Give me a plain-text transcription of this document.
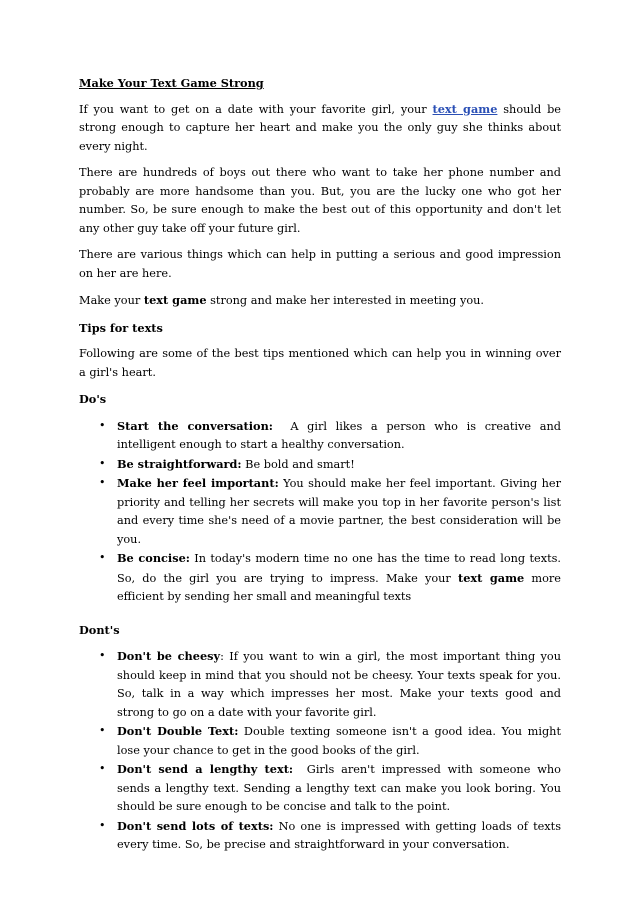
Make Your Text Game Strong

If you want to get on a date with your favorite girl, your text game should be strong enough to capture her heart and make you the only guy she thinks about every night.

There are hundreds of boys out there who want to take her phone number and probably are more handsome than you. But, you are the lucky one who got her number. So, be sure enough to make the best out of this opportunity and don't let any other guy take off your future girl.

There are various things which can help in putting a serious and good impression on her are here.

Make your text game strong and make her interested in meeting you.

Tips for texts

Following are some of the best tips mentioned which can help you in winning over a girl's heart.

Do's
• Start the conversation:  A girl likes a person who is creative and intelligent enough to start a healthy conversation.
• Be straightforward: Be bold and smart!
• Make her feel important: You should make her feel important. Giving her priority and telling her secrets will make you top in her favorite person's list and every time she's need of a movie partner, the best consideration will be you.
• Be concise: In today's modern time no one has the time to read long texts. So, do the girl you are trying to impress. Make your text game more efficient by sending her small and meaningful texts
Dont's
• Don't be cheesy: If you want to win a girl, the most important thing you should keep in mind that you should not be cheesy. Your texts speak for you. So, talk in a way which impresses her most. Make your texts good and strong to go on a date with your favorite girl.
• Don't Double Text: Double texting someone isn't a good idea. You might lose your chance to get in the good books of the girl.
• Don't send a lengthy text:  Girls aren't impressed with someone who sends a lengthy text. Sending a lengthy text can make you look boring. You should be sure enough to be concise and talk to the point.
• Don't send lots of texts: No one is impressed with getting loads of texts every time. So, be precise and straightforward in your conversation.
